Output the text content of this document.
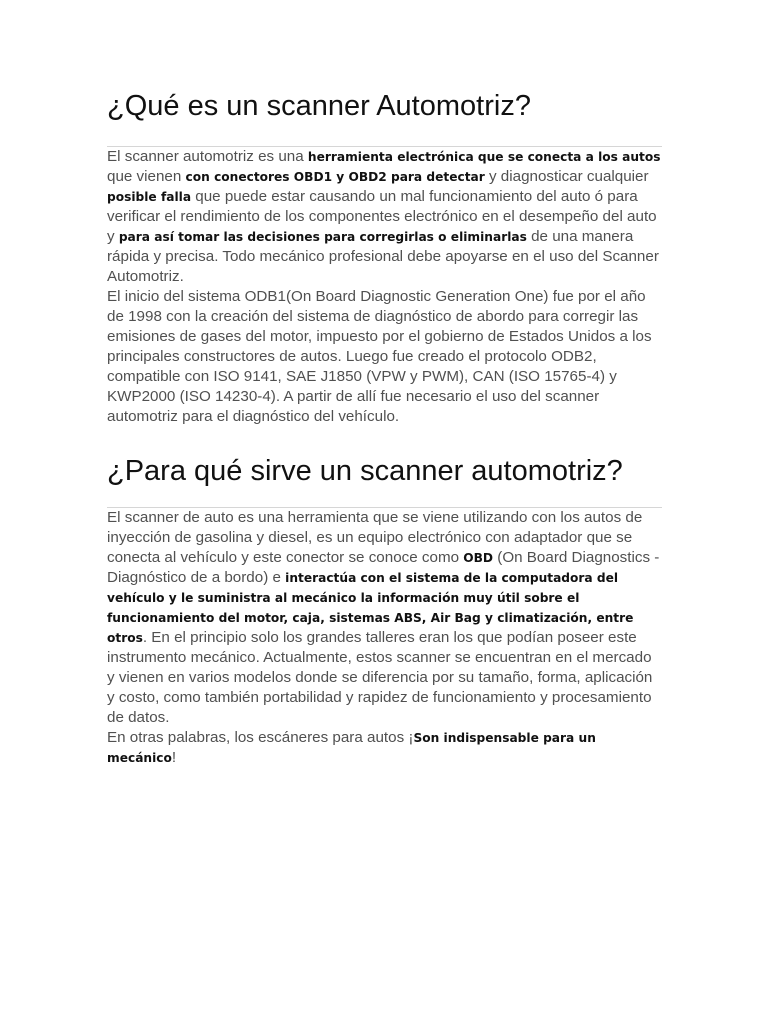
¿Qué es un scanner Automotriz?

El scanner automotriz es una herramienta electrónica que se conecta a los autos que vienen con conectores OBD1 y OBD2 para detectar y diagnosticar cualquier posible falla que puede estar causando un mal funcionamiento del auto ó para verificar el rendimiento de los componentes electrónico en el desempeño del auto y para así tomar las decisiones para corregirlas o eliminarlas de una manera rápida y precisa. Todo mecánico profesional debe apoyarse en el uso del Scanner Automotriz.

El inicio del sistema ODB1(On Board Diagnostic Generation One) fue por el año de 1998 con la creación del sistema de diagnóstico de abordo para corregir las emisiones de gases del motor, impuesto por el gobierno de Estados Unidos a los principales constructores de autos. Luego fue creado el protocolo ODB2, compatible con ISO 9141, SAE J1850 (VPW y PWM), CAN (ISO 15765-4) y KWP2000 (ISO 14230-4). A partir de allí fue necesario el uso del scanner automotriz para el diagnóstico del vehículo.

¿Para qué sirve un scanner automotriz?

El scanner de auto es una herramienta que se viene utilizando con los autos de inyección de gasolina y diesel, es un equipo electrónico con adaptador que se conecta al vehículo y este conector se conoce como OBD (On Board Diagnostics - Diagnóstico de a bordo) e interactúa con el sistema de la computadora del vehículo y le suministra al mecánico la información muy útil sobre el funcionamiento del motor, caja, sistemas ABS, Air Bag y climatización, entre otros. En el principio solo los grandes talleres eran los que podían poseer este instrumento mecánico. Actualmente, estos scanner se encuentran en el mercado y vienen en varios modelos donde se diferencia por su tamaño, forma, aplicación y costo, como también portabilidad y rapidez de funcionamiento y procesamiento de datos.

En otras palabras, los escáneres para autos ¡Son indispensable para un mecánico!
